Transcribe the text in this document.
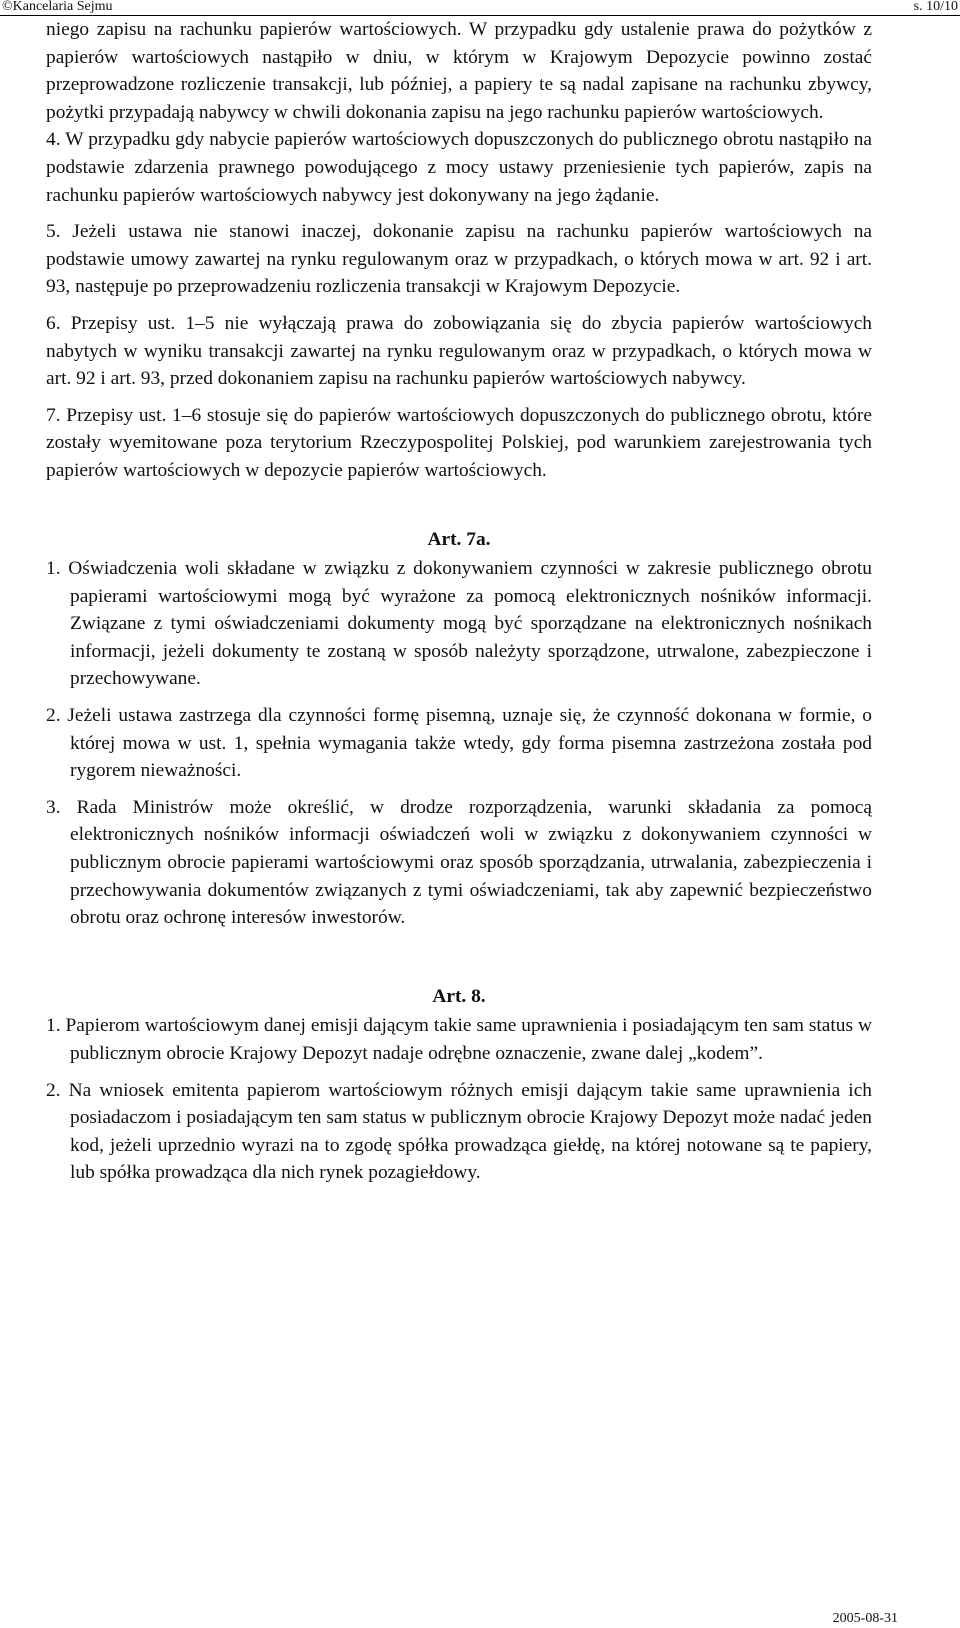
©Kancelaria Sejmu	s. 10/10

niego zapisu na rachunku papierów wartościowych. W przypadku gdy ustalenie prawa do pożytków z papierów wartościowych nastąpiło w dniu, w którym w Krajowym Depozycie powinno zostać przeprowadzone rozliczenie transakcji, lub później, a papiery te są nadal zapisane na rachunku zbywcy, pożytki przypadają nabywcy w chwili dokonania zapisu na jego rachunku papierów wartościowych.

4. W przypadku gdy nabycie papierów wartościowych dopuszczonych do publicznego obrotu nastąpiło na podstawie zdarzenia prawnego powodującego z mocy ustawy przeniesienie tych papierów, zapis na rachunku papierów wartościowych nabywcy jest dokonywany na jego żądanie.

5. Jeżeli ustawa nie stanowi inaczej, dokonanie zapisu na rachunku papierów wartościowych na podstawie umowy zawartej na rynku regulowanym oraz w przypadkach, o których mowa w art. 92 i art. 93, następuje po przeprowadzeniu rozliczenia transakcji w Krajowym Depozycie.

6. Przepisy ust. 1–5 nie wyłączają prawa do zobowiązania się do zbycia papierów wartościowych nabytych w wyniku transakcji zawartej na rynku regulowanym oraz w przypadkach, o których mowa w art. 92 i art. 93, przed dokonaniem zapisu na rachunku papierów wartościowych nabywcy.

7. Przepisy ust. 1–6 stosuje się do papierów wartościowych dopuszczonych do publicznego obrotu, które zostały wyemitowane poza terytorium Rzeczypospolitej Polskiej, pod warunkiem zarejestrowania tych papierów wartościowych w depozycie papierów wartościowych.

Art. 7a.

1. Oświadczenia woli składane w związku z dokonywaniem czynności w zakresie publicznego obrotu papierami wartościowymi mogą być wyrażone za pomocą elektronicznych nośników informacji. Związane z tymi oświadczeniami dokumenty mogą być sporządzane na elektronicznych nośnikach informacji, jeżeli dokumenty te zostaną w sposób należyty sporządzone, utrwalone, zabezpieczone i przechowywane.

2. Jeżeli ustawa zastrzega dla czynności formę pisemną, uznaje się, że czynność dokonana w formie, o której mowa w ust. 1, spełnia wymagania także wtedy, gdy forma pisemna zastrzeżona została pod rygorem nieważności.

3. Rada Ministrów może określić, w drodze rozporządzenia, warunki składania za pomocą elektronicznych nośników informacji oświadczeń woli w związku z dokonywaniem czynności w publicznym obrocie papierami wartościowymi oraz sposób sporządzania, utrwalania, zabezpieczenia i przechowywania dokumentów związanych z tymi oświadczeniami, tak aby zapewnić bezpieczeństwo obrotu oraz ochronę interesów inwestorów.

Art. 8.

1. Papierom wartościowym danej emisji dającym takie same uprawnienia i posiadającym ten sam status w publicznym obrocie Krajowy Depozyt nadaje odrębne oznaczenie, zwane dalej „kodem”.

2. Na wniosek emitenta papierom wartościowym różnych emisji dającym takie same uprawnienia ich posiadaczom i posiadającym ten sam status w publicznym obrocie Krajowy Depozyt może nadać jeden kod, jeżeli uprzednio wyrazi na to zgodę spółka prowadząca giełdę, na której notowane są te papiery, lub spółka prowadząca dla nich rynek pozagiełdowy.

2005-08-31
